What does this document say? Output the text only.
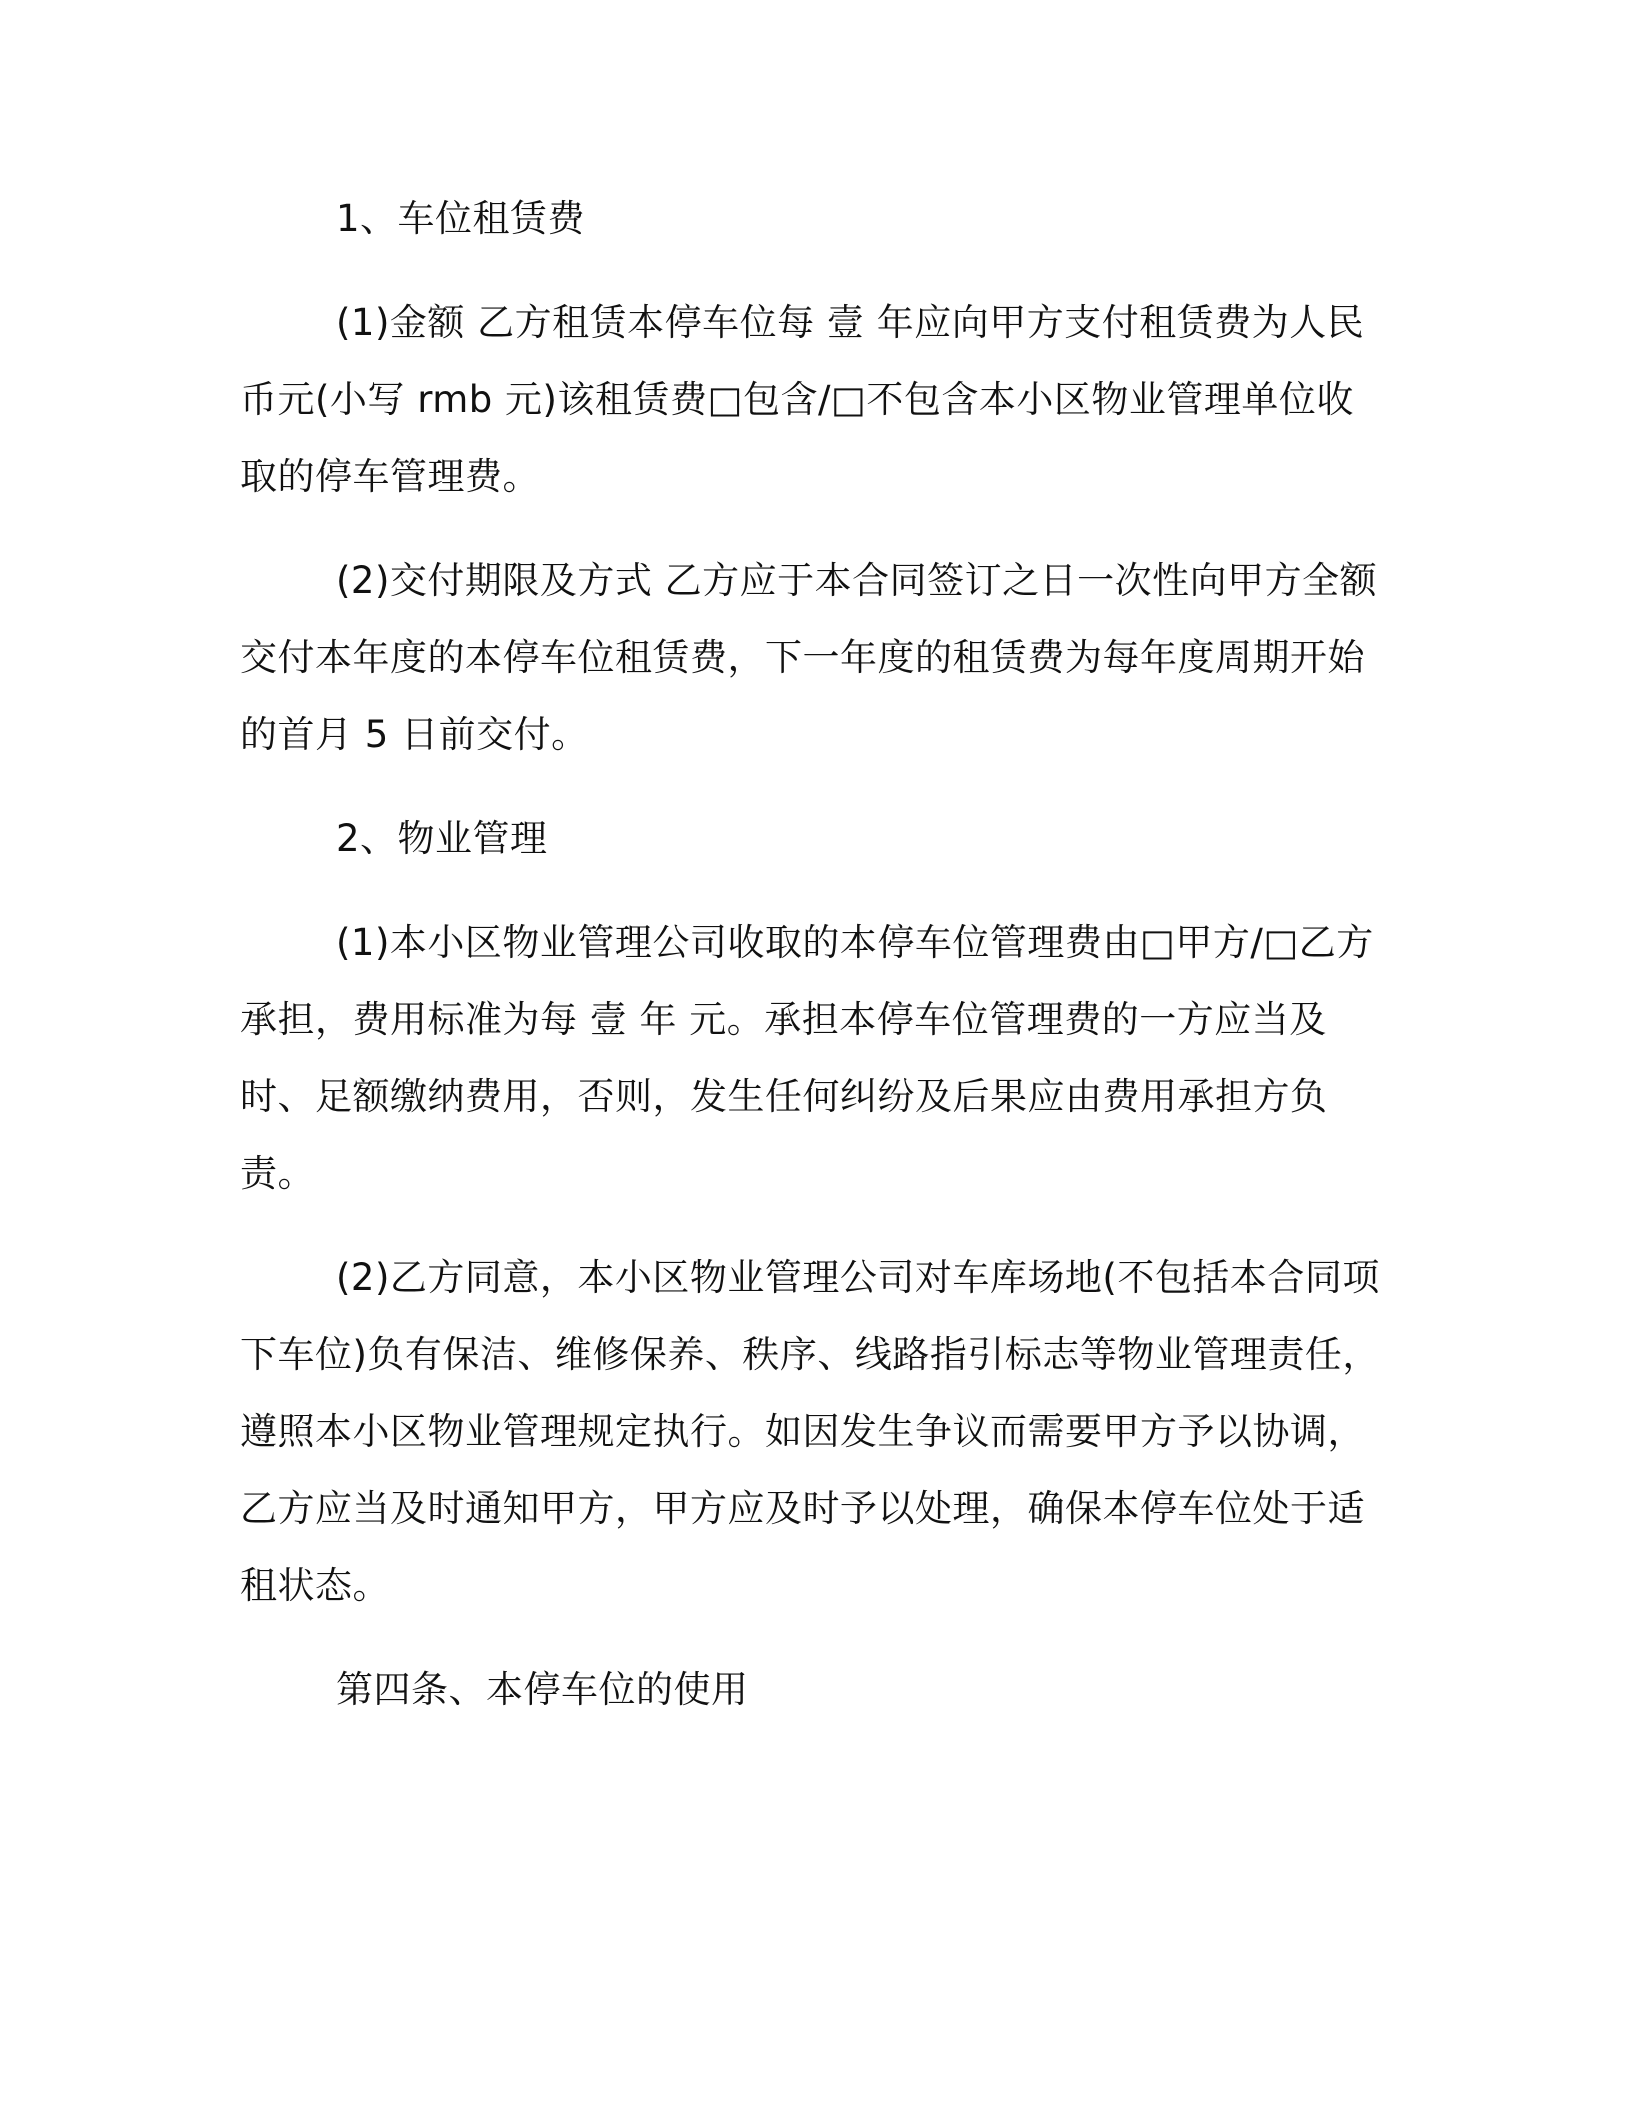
1、车位租赁费

(1)金额 乙方租赁本停车位每 壹 年应向甲方支付租赁费为人民币元(小写 rmb 元)该租赁费□包含/□不包含本小区物业管理单位收取的停车管理费。

(2)交付期限及方式 乙方应于本合同签订之日一次性向甲方全额交付本年度的本停车位租赁费，下一年度的租赁费为每年度周期开始的首月 5 日前交付。

2、物业管理

(1)本小区物业管理公司收取的本停车位管理费由□甲方/□乙方承担，费用标准为每 壹 年 元。承担本停车位管理费的一方应当及时、足额缴纳费用，否则，发生任何纠纷及后果应由费用承担方负责。

(2)乙方同意，本小区物业管理公司对车库场地(不包括本合同项下车位)负有保洁、维修保养、秩序、线路指引标志等物业管理责任，遵照本小区物业管理规定执行。如因发生争议而需要甲方予以协调，乙方应当及时通知甲方，甲方应及时予以处理，确保本停车位处于适租状态。

第四条、本停车位的使用
